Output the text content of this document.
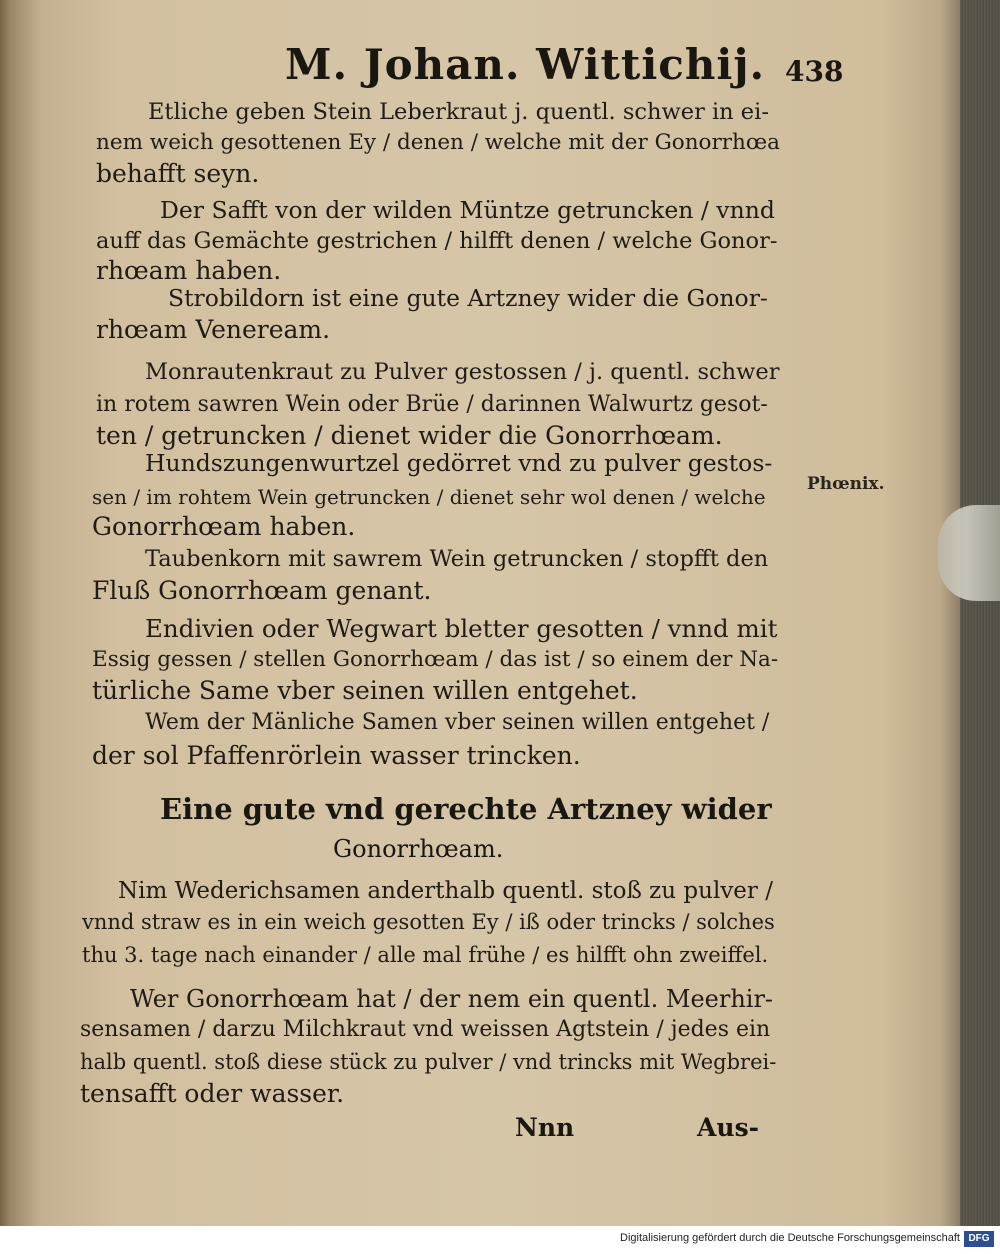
M. Johan. Wittichij. 438
Etliche geben Stein Leberkraut j. quentl. schwer in ei-
nem weich gesottenen Ey / denen / welche mit der Gonorrhœa
behafft seyn.
Der Safft von der wilden Müntze getruncken / vnnd
auff das Gemächte gestrichen / hilfft denen / welche Gonor-
rhœam haben.
Strobildorn ist eine gute Artzney wider die Gonor-
rhœam Veneream.
Monrautenkraut zu Pulver gestossen / j. quentl. schwer
in rotem sawren Wein oder Brüe / darinnen Walwurtz gesot-
ten / getruncken / dienet wider die Gonorrhœam.
Hundszungenwurtzel gedörret vnd zu pulver gestos-
sen / im rohtem Wein getruncken / dienet sehr wol denen / welche
Gonorrhœam haben.
Taubenkorn mit sawrem Wein getruncken / stopfft den
Fluß Gonorrhœam genant.
Endivien oder Wegwart bletter gesotten / vnnd mit
Essig gessen / stellen Gonorrhœam / das ist / so einem der Na-
türliche Same vber seinen willen entgehet.
Wem der Mänliche Samen vber seinen willen entgehet /
der sol Pfaffenrörlein wasser trincken.
Eine gute vnd gerechte Artzney wider
Gonorrhœam.
Nim Wederichsamen anderthalb quentl. stoß zu pulver /
vnnd straw es in ein weich gesotten Ey / iß oder trincks / solches
thu 3. tage nach einander / alle mal frühe / es hilfft ohn zweiffel.
Wer Gonorrhœam hat / der nem ein quentl. Meerhir-
sensamen / darzu Milchkraut vnd weissen Agtstein / jedes ein
halb quentl. stoß diese stück zu pulver / vnd trincks mit Wegbrei-
tensafft oder wasser.
Phœnix.
Nnn	Aus-
Digitalisierung gefördert durch die Deutsche Forschungsgemeinschaft DFG
